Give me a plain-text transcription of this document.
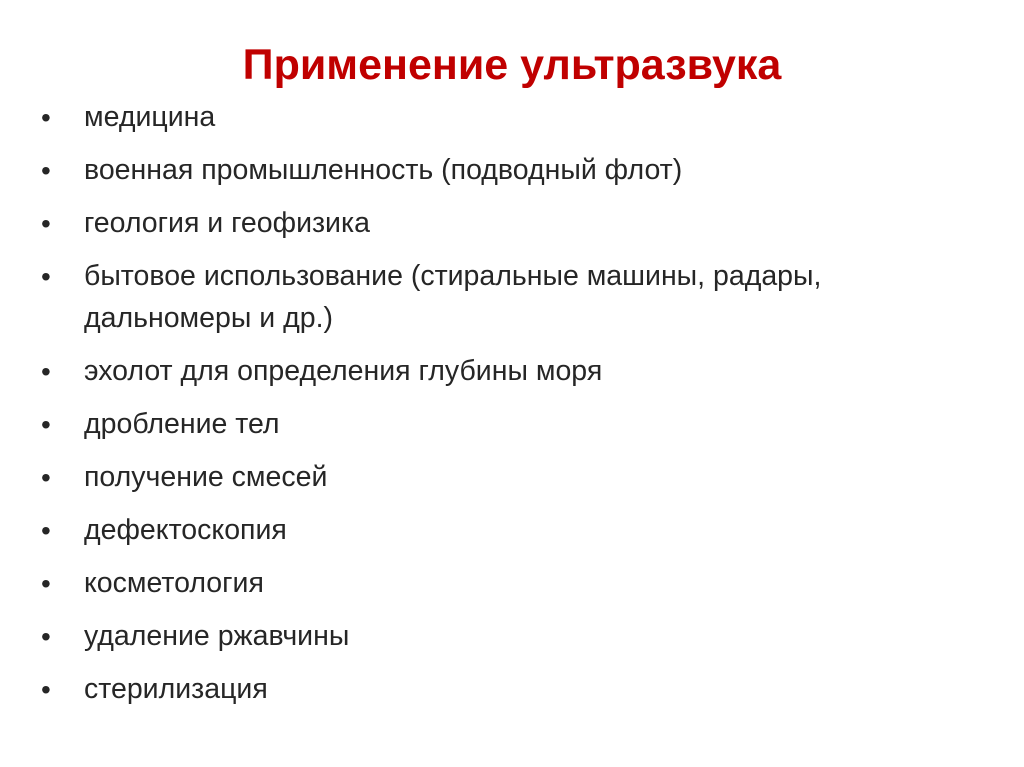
Применение ультразвука
• медицина
• военная промышленность (подводный флот)
• геология и геофизика
• бытовое использование (стиральные машины, радары, дальномеры и др.)
• эхолот для определения глубины моря
• дробление тел
• получение смесей
• дефектоскопия
• косметология
• удаление ржавчины
• стерилизация
